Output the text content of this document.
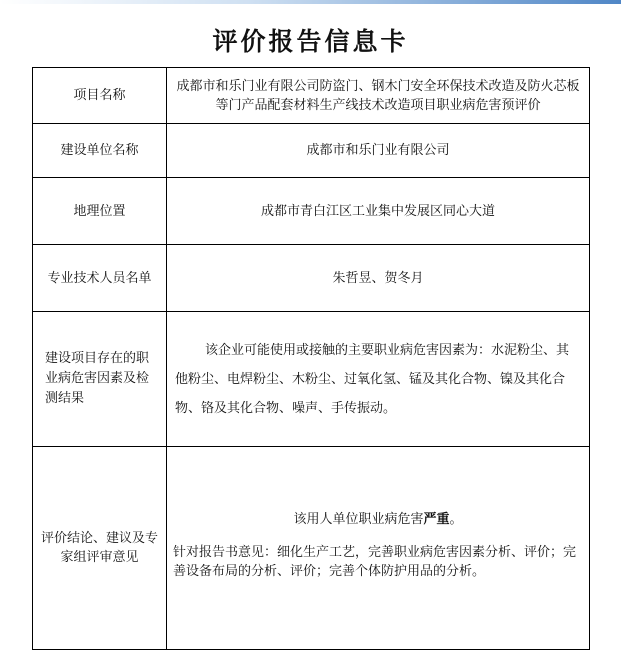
评价报告信息卡
项目名称	成都市和乐门业有限公司防盗门、钢木门安全环保技术改造及防火芯板等门产品配套材料生产线技术改造项目职业病危害预评价
建设单位名称	成都市和乐门业有限公司
地理位置	成都市青白江区工业集中发展区同心大道
专业技术人员名单	朱哲昱、贺冬月
建设项目存在的职业病危害因素及检测结果	该企业可能使用或接触的主要职业病危害因素为：水泥粉尘、其他粉尘、电焊粉尘、木粉尘、过氧化氢、锰及其化合物、镍及其化合物、铬及其化合物、噪声、手传振动。
评价结论、建议及专家组评审意见	该用人单位职业病危害严重。
针对报告书意见：细化生产工艺，完善职业病危害因素分析、评价；完善设备布局的分析、评价；完善个体防护用品的分析。
